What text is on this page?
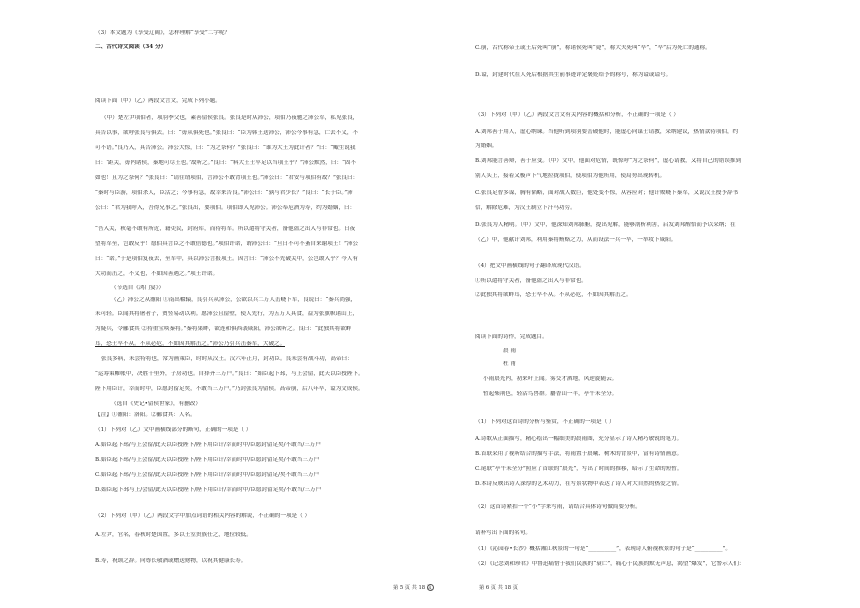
（3）本文题为《享受辽阔》，怎样理解“享受”二字呢？
二、古代诗文阅读（34 分）
阅读下面（甲）（乙）两段文言文，完成下列小题。
（甲）楚左尹项伯者，项羽季父也，素善留侯张良。张良是时从沛公，项伯乃夜驰之沛公军，私见张良，
具告以事，欲呼张良与俱去。曰：“毋从俱死也。”张良曰：“臣为韩王送沛公，沛公今事有急，亡去不义，不
可不语。”良乃入，具告沛公。沛公大惊，曰：“为之奈何？”张良曰：“谁为大王为此计者？”曰：“鲰生说我
曰：‘距关，毋内诸侯，秦地可尽王也。’故听之。”良曰：“料大王士卒足以当项王乎？”沛公默然，曰：“固不
如也！且为之奈何？”张良曰：“请往谓项伯，言沛公不敢背项王也。”沛公曰：“君安与项伯有故？”张良曰：
“秦时与臣游，项伯杀人，臣活之；今事有急，故幸来告良。”沛公曰：“孰与君少长？”良曰：“长于臣。”沛
公曰：“君为我呼入，吾得兄事之。”张良出，要项伯。项伯即入见沛公。沛公奉卮酒为寿，约为婚姻，曰：
“吾入关，秋毫不敢有所近，籍吏民，封府库，而待将军。所以遣将守关者，备他盗之出入与非常也。日夜
望将军至，岂敢反乎！愿伯具言臣之不敢倍德也。”项伯许诺，谓沛公曰：“旦日不可不蚤自来谢项王！”沛公
曰：“诺。”于是项伯复夜去，至军中，具以沛公言报项王。因言曰：“沛公不先破关中，公岂敢入乎？今人有
大功而击之，不义也，不如因善遇之。”项王许诺。
（节选自《鸿门宴》）
（乙）沛公之从雒阳 ①南出轘辕，良引兵从沛公，公欲以兵二万人击峣下军，良说曰：“秦兵尚强，
未可轻。臣闻其将屠者子，贾竖易动以利。愿沛公且留壁，使人先行，为五万人具食，益为张旗帜诸山上，
为疑兵，令郦食其 ②持重宝啖秦将。”秦将果畔，欲连和俱西袭咸阳，沛公欲听之。良曰：“此独其将欲畔
耳，恐士卒不从。不从必危，不如因其解击之。”沛公乃引兵击秦军，大破之。
张良多病，未尝特将也，常为画策臣，时时从汉王。汉六年正月，封功臣。良未尝有战斗功，高帝曰：
“运筹策帷帐中，决胜千里外，子房功也。自择齐三万户。”良曰：“始臣起下邳，与上会留，此天以臣授陛下。
陛下用臣计，幸而时中，臣愿封留足矣，不敢当三万户。”乃封张良为留侯。高帝崩，后八年卒，谥为文成侯。
（选自《史记•留侯世家》，有删改）
【注】①雒阳：洛阳。②郦食其：人名。
（1）下列对（乙）文中画横线部分的断句，正确的一项是（ ）
A.始臣起下邳/与上会留/此天以臣授陛下/陛下用臣计/幸而时中/臣愿封留足矣/不敢当/三万户
B.始臣起下邳/与上会留/此天以臣授陛下/陛下用臣计/幸而时中/臣愿封留足矣/不敢当三万户
C.始臣起下邳/与上会留/此天以臣授陛下/陛下用臣计/幸而时中/臣愿封留足/矣不敢当三万户
D.始臣起下邳与上/会留/此天以臣授陛下/陛下用臣计/幸而时中/臣愿封留足矣/不敢当/三万户
（2）下列对（甲）（乙）两段文字中加点词语的相关内容的解说，不正确的一项是（ ）
A.左尹，官名，春秋时楚国置，多以王室贵族任之，地位较低。
B.寿，祝颂之辞。向尊长敬酒或赠送财物，以祝其健康长寿。
第 5 页 共 18 页
C.崩，古代称帝王或王后死叫“崩”，称诸侯死叫“薨”，称大夫死叫“卒”，“卒”后为死亡的通称。
D.谥，封建时代在人死后根据其生前事迹评定褒贬给予的称号，称为谥或谥号。
（3）下列对（甲）（乙）两段文言文有关内容的概括和分析，不正确的一项是（ ）
A.刘邦善于用人，虚心纳谏。当他听到项羽要击破他时，能虚心向谋士请教，采纳建议，热情款待项伯，约
为婚姻。
B.刘邦能言善辩，善于应变。（甲）文中，他面对危情，既惊呼“为之奈何”，虚心请教，又将自己的错误推到
别人头上，接着又极声下气地拉拢项伯，使项伯为他所用，使局势出现转机。
C.张良足智多谋，胸有韬略，面对战人数巨，他处变不惊，从容应对；他计败峣下秦军，又说汉王授予辞书
信，解除危难，为汉王制立下汗马功劳。
D.张良为人精明。（甲）文中，他深知刘邦肺腑，提出见解，能够剖析利害，启发刘邦醒悟而予以采纳；在
（乙）中，他献计刘邦，利用秦将贿赂之力，从而设法一兵一卒，一举攻下咸阳。
（4）把文中画横线的句子翻译成现代汉语。
①所以遣将守关者，备他盗之出入与非常也。
②此独其将欲畔耳，恐士卒不从。不从必危，不如因其解击之。
阅读下面的诗作，完成题目。
晨 雨
杜 甫
小雨晨光内，初来叶上闻。雾交才洒地，风逆旋随云。
暂起柴荆色，轻沾鸟兽群。麝香山一半，亭午未全分。
（1）下列对这首诗的分析与鉴赏，不正确的一项是（ ）
A.诗歌从正面描写，精心绘出一幅细美的晨雨图，充分显示了诗人精巧敏锐的笔力。
B.首联采用了视听结合的描写手法，将雨置于晨曦、树木的背景中，富有诗情画意。
C.尾联“亭午未全分”照应了首联的“晨光”，写出了时间的推移，暗示了生命的短暂。
D.本诗反映出诗人深厚的艺术功力，在写景状物中表达了诗人对大自然的热爱之情。
（2）这首诗紧扣一个“小”字来写雨，请结合具体诗句做简要分析。
请补写出下面的名句。
（1）《沁园春•长沙》概括湘江秋景的一句是“__________”，表现诗人俯视秋景的句子是“__________”。
（2）《记念刘和珍君》中鲁迅痛惜于我们民族的“衰亡”，痛心于民族的默无声息，渴望“爆发”，它警示人们：
第 6 页 共 18 页
